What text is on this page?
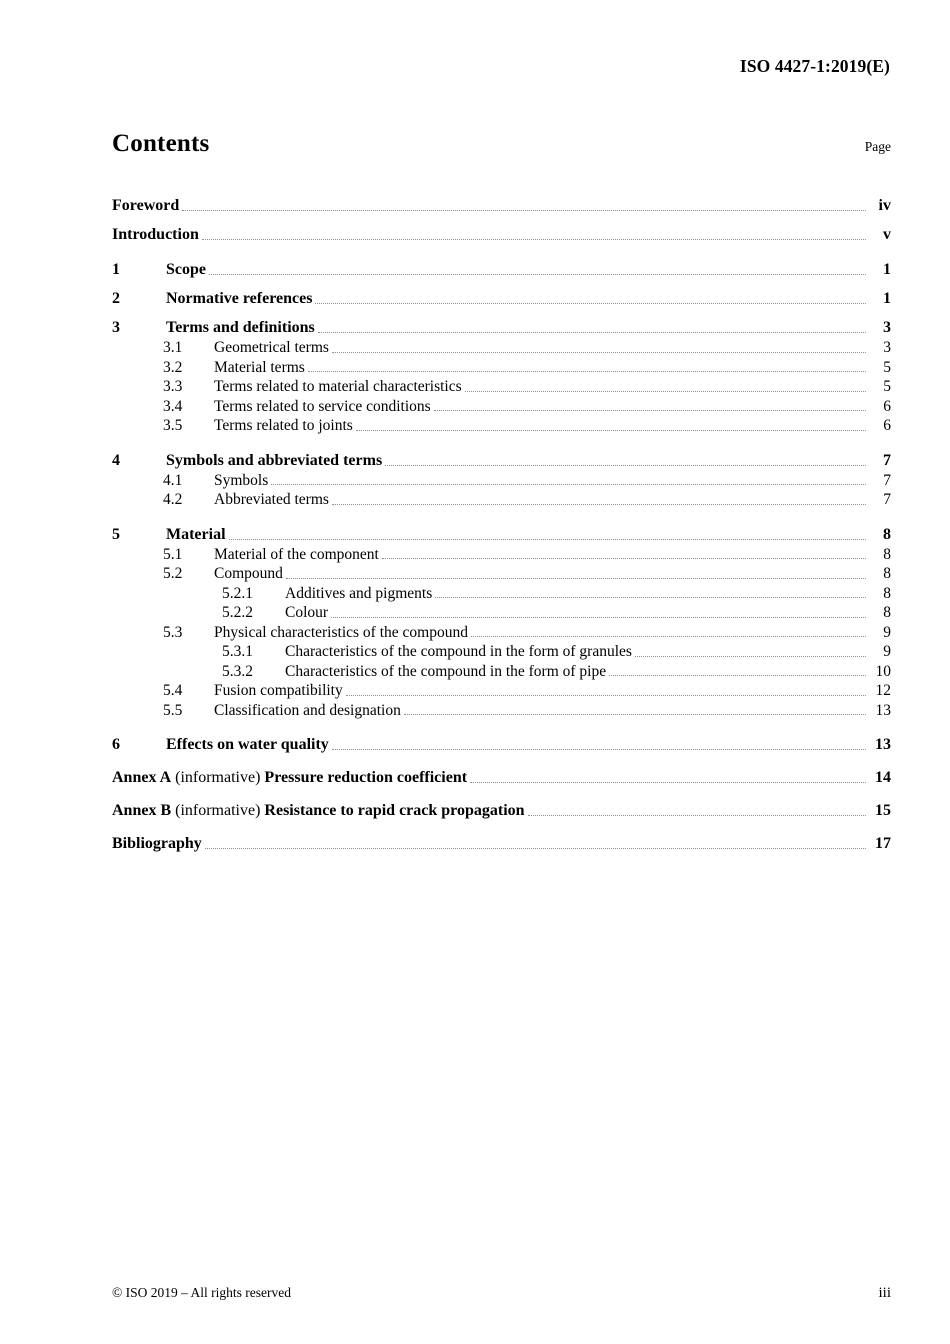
ISO 4427-1:2019(E)
Contents	Page
Foreword	iv
Introduction	v
1	Scope	1
2	Normative references	1
3	Terms and definitions	3
3.1	Geometrical terms	3
3.2	Material terms	5
3.3	Terms related to material characteristics	5
3.4	Terms related to service conditions	6
3.5	Terms related to joints	6
4	Symbols and abbreviated terms	7
4.1	Symbols	7
4.2	Abbreviated terms	7
5	Material	8
5.1	Material of the component	8
5.2	Compound	8
5.2.1	Additives and pigments	8
5.2.2	Colour	8
5.3	Physical characteristics of the compound	9
5.3.1	Characteristics of the compound in the form of granules	9
5.3.2	Characteristics of the compound in the form of pipe	10
5.4	Fusion compatibility	12
5.5	Classification and designation	13
6	Effects on water quality	13
Annex A (informative) Pressure reduction coefficient	14
Annex B (informative) Resistance to rapid crack propagation	15
Bibliography	17
© ISO 2019 – All rights reserved	iii
